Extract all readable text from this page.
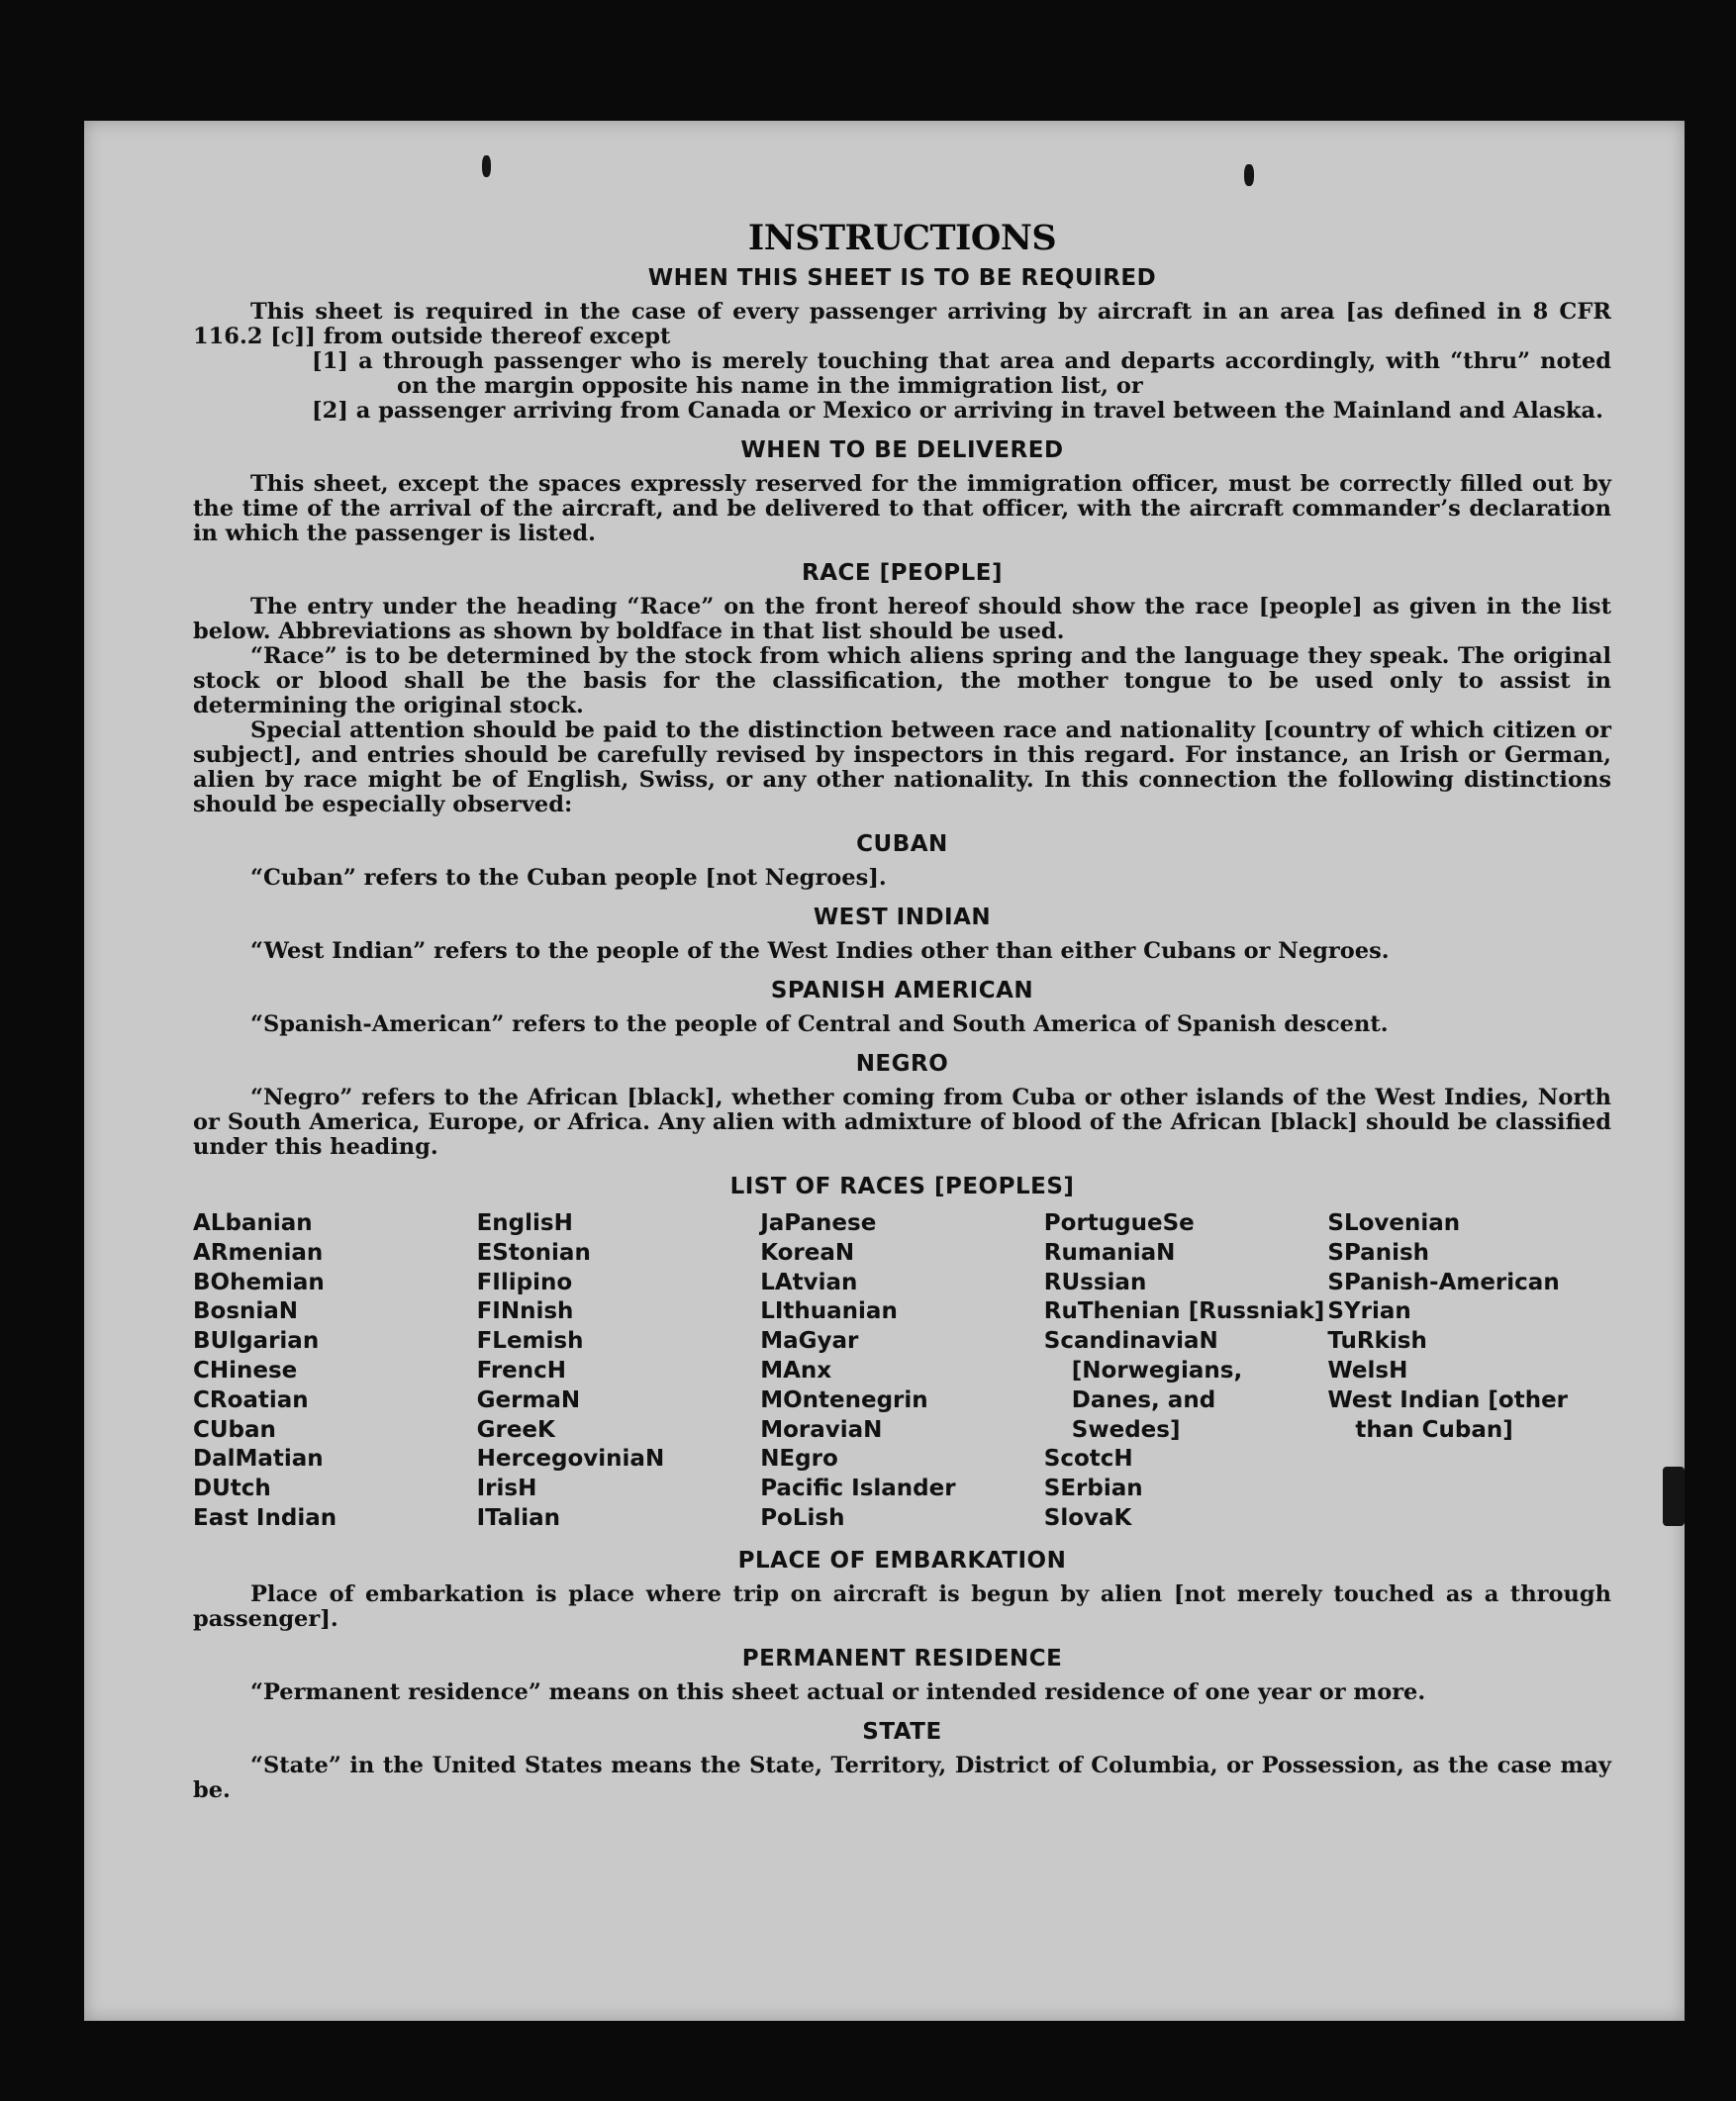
INSTRUCTIONS
WHEN THIS SHEET IS TO BE REQUIRED

This sheet is required in the case of every passenger arriving by aircraft in an area [as defined in 8 CFR 116.2 [c]] from outside thereof except

[1] a through passenger who is merely touching that area and departs accordingly, with “thru” noted on the margin opposite his name in the immigration list, or
[2] a passenger arriving from Canada or Mexico or arriving in travel between the Mainland and Alaska.
WHEN TO BE DELIVERED

This sheet, except the spaces expressly reserved for the immigration officer, must be correctly filled out by the time of the arrival of the aircraft, and be delivered to that officer, with the aircraft commander’s declaration in which the passenger is listed.

RACE [PEOPLE]

The entry under the heading “Race” on the front hereof should show the race [people] as given in the list below. Abbreviations as shown by boldface in that list should be used.

“Race” is to be determined by the stock from which aliens spring and the language they speak. The original stock or blood shall be the basis for the classification, the mother tongue to be used only to assist in determining the original stock.

Special attention should be paid to the distinction between race and nationality [country of which citizen or subject], and entries should be carefully revised by inspectors in this regard. For instance, an Irish or German, alien by race might be of English, Swiss, or any other nationality. In this connection the following distinctions should be especially observed:

CUBAN

“Cuban” refers to the Cuban people [not Negroes].

WEST INDIAN

“West Indian” refers to the people of the West Indies other than either Cubans or Negroes.

SPANISH AMERICAN

“Spanish-American” refers to the people of Central and South America of Spanish descent.

NEGRO

“Negro” refers to the African [black], whether coming from Cuba or other islands of the West Indies, North or South America, Europe, or Africa. Any alien with admixture of blood of the African [black] should be classified under this heading.

LIST OF RACES [PEOPLES]
ALbanian
ARmenian
BOhemian
BosniaN
BUlgarian
CHinese
CRoatian
CUban
DalMatian
DUtch
East Indian
EnglisH
EStonian
FIlipino
FINnish
FLemish
FrencH
GermaN
GreeK
HercegoviniaN
IrisH
ITalian
JaPanese
KoreaN
LAtvian
LIthuanian
MaGyar
MAnx
MOntenegrin
MoraviaN
NEgro
Pacific Islander
PoLish
PortugueSe
RumaniaN
RUssian
RuThenian [Russniak]
ScandinaviaN [Norwegians, Danes, and Swedes]
ScotcH
SErbian
SlovaK
SLovenian
SPanish
SPanish-American
SYrian
TuRkish
WelsH
West Indian [other than Cuban]
PLACE OF EMBARKATION

Place of embarkation is place where trip on aircraft is begun by alien [not merely touched as a through passenger].

PERMANENT RESIDENCE

“Permanent residence” means on this sheet actual or intended residence of one year or more.

STATE

“State” in the United States means the State, Territory, District of Columbia, or Possession, as the case may be.
